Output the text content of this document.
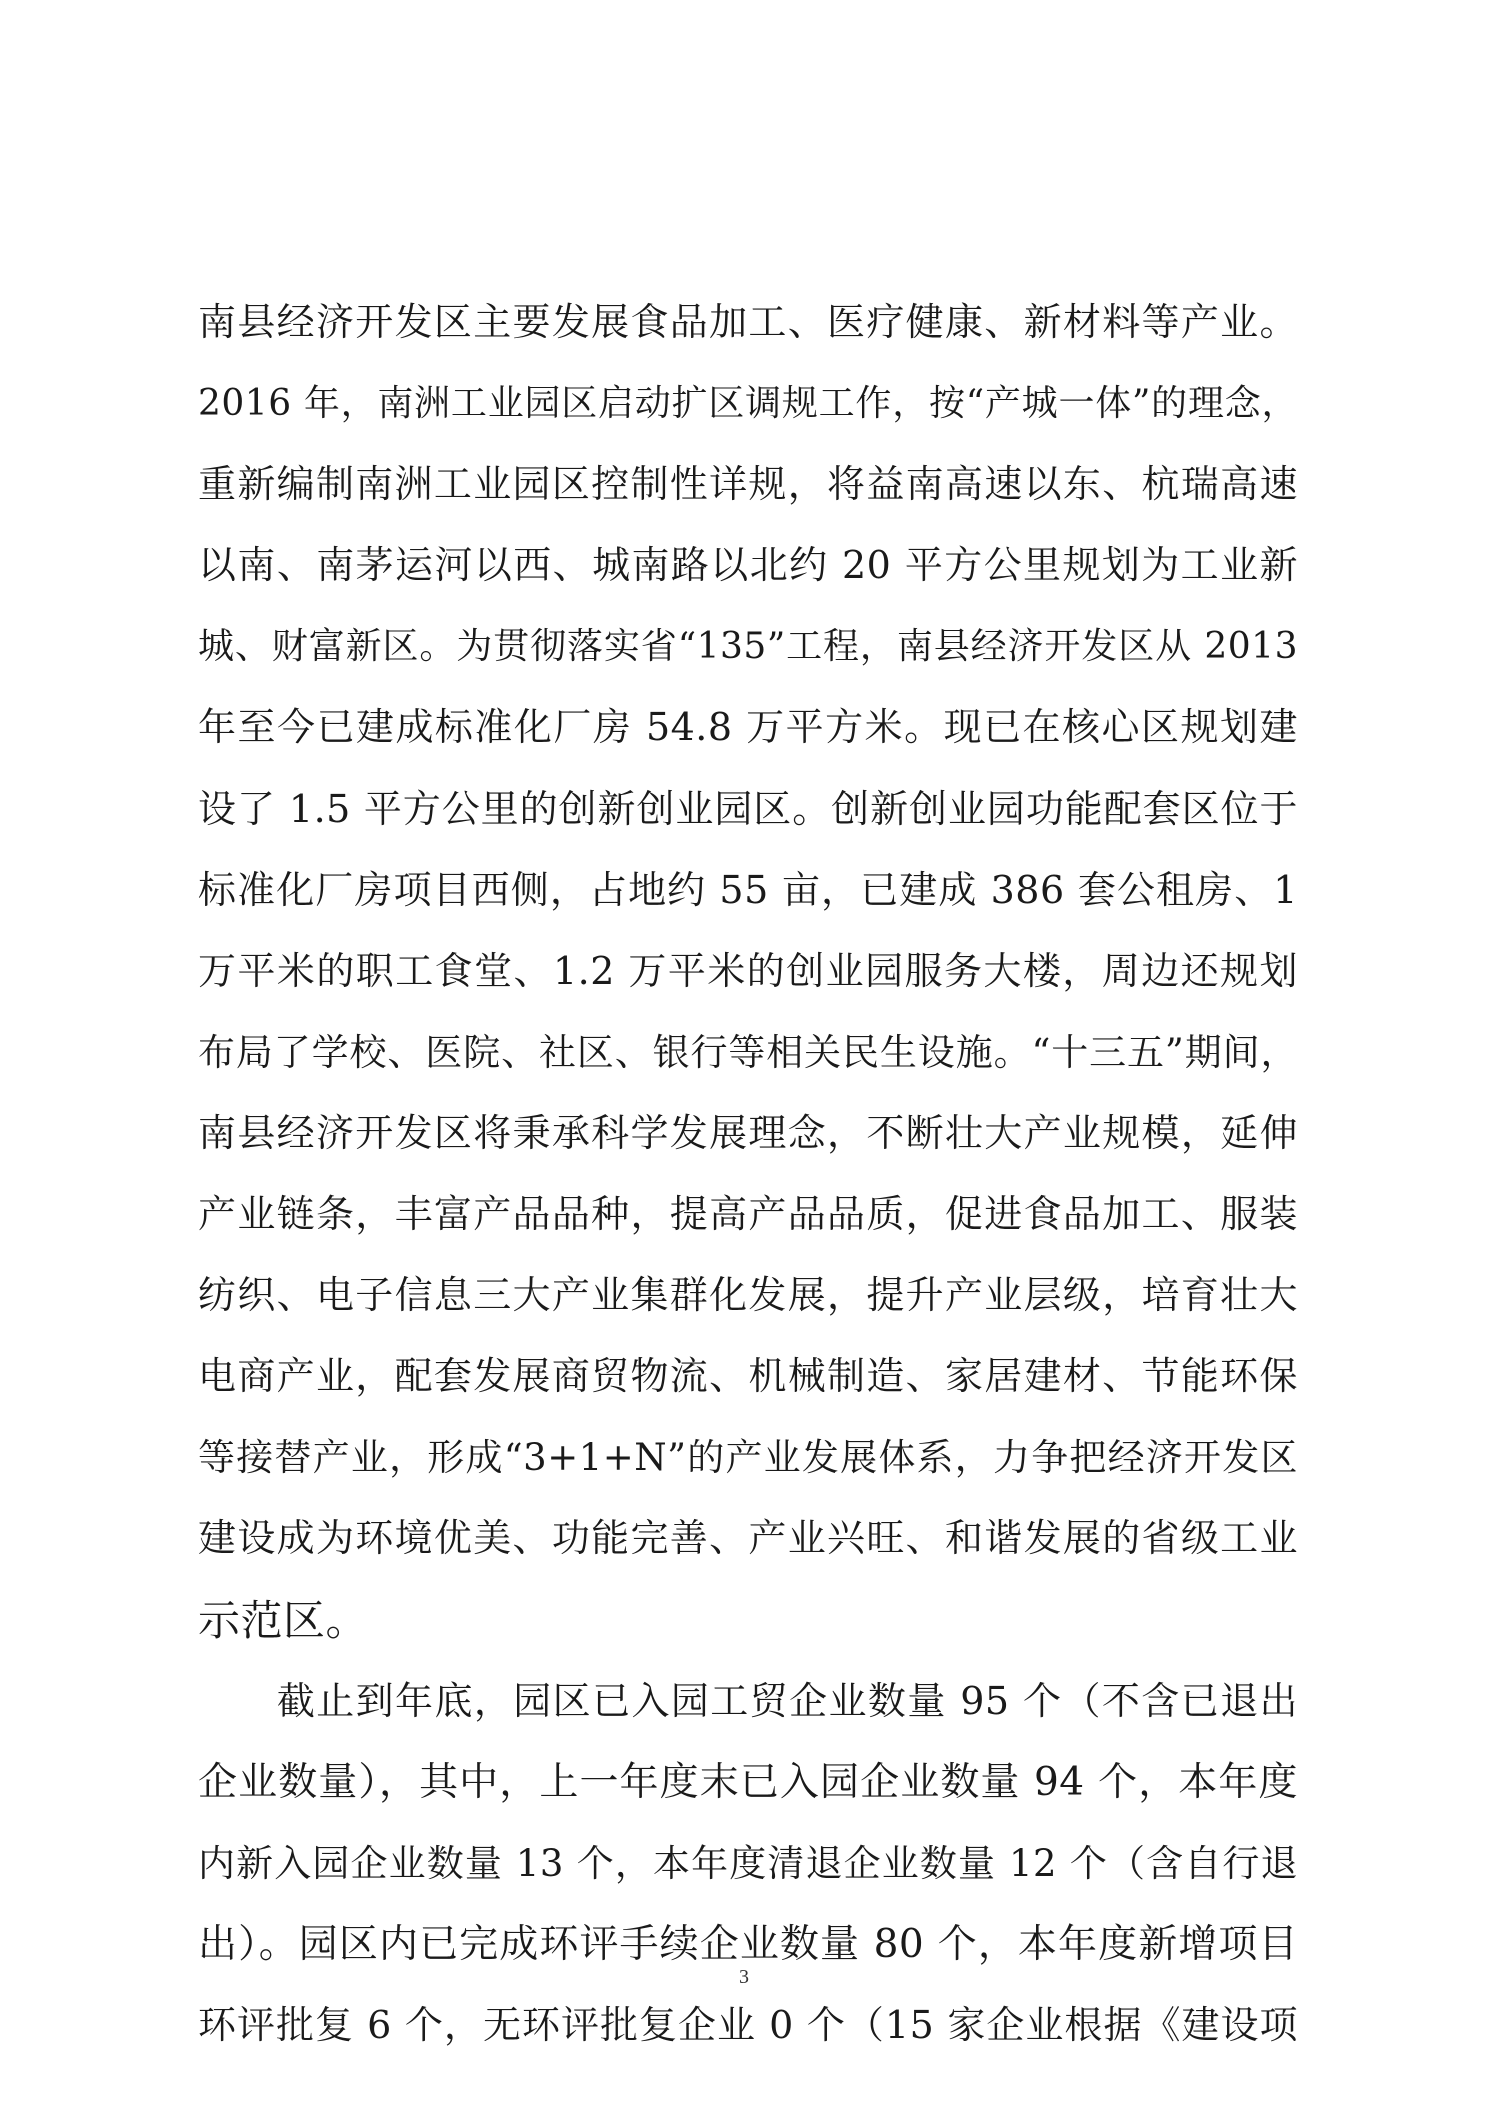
南县经济开发区主要发展食品加工、医疗健康、新材料等产业。
2016 年，南洲工业园区启动扩区调规工作，按“产城一体”的理念，
重新编制南洲工业园区控制性详规，将益南高速以东、杭瑞高速
以南、南茅运河以西、城南路以北约 20 平方公里规划为工业新
城、财富新区。为贯彻落实省“135”工程，南县经济开发区从 2013
年至今已建成标准化厂房 54.8 万平方米。现已在核心区规划建
设了 1.5 平方公里的创新创业园区。创新创业园功能配套区位于
标准化厂房项目西侧，占地约 55 亩，已建成 386 套公租房、1
万平米的职工食堂、1.2 万平米的创业园服务大楼，周边还规划
布局了学校、医院、社区、银行等相关民生设施。“十三五”期间，
南县经济开发区将秉承科学发展理念，不断壮大产业规模，延伸
产业链条，丰富产品品种，提高产品品质，促进食品加工、服装
纺织、电子信息三大产业集群化发展，提升产业层级，培育壮大
电商产业，配套发展商贸物流、机械制造、家居建材、节能环保
等接替产业，形成“3+1+N”的产业发展体系，力争把经济开发区
建设成为环境优美、功能完善、产业兴旺、和谐发展的省级工业
示范区。
　　截止到年底，园区已入园工贸企业数量 95 个（不含已退出
企业数量），其中，上一年度末已入园企业数量 94 个，本年度
内新入园企业数量 13 个，本年度清退企业数量 12 个（含自行退
出）。园区内已完成环评手续企业数量 80 个，本年度新增项目
环评批复 6 个，无环评批复企业 0 个（15 家企业根据《建设项
3
